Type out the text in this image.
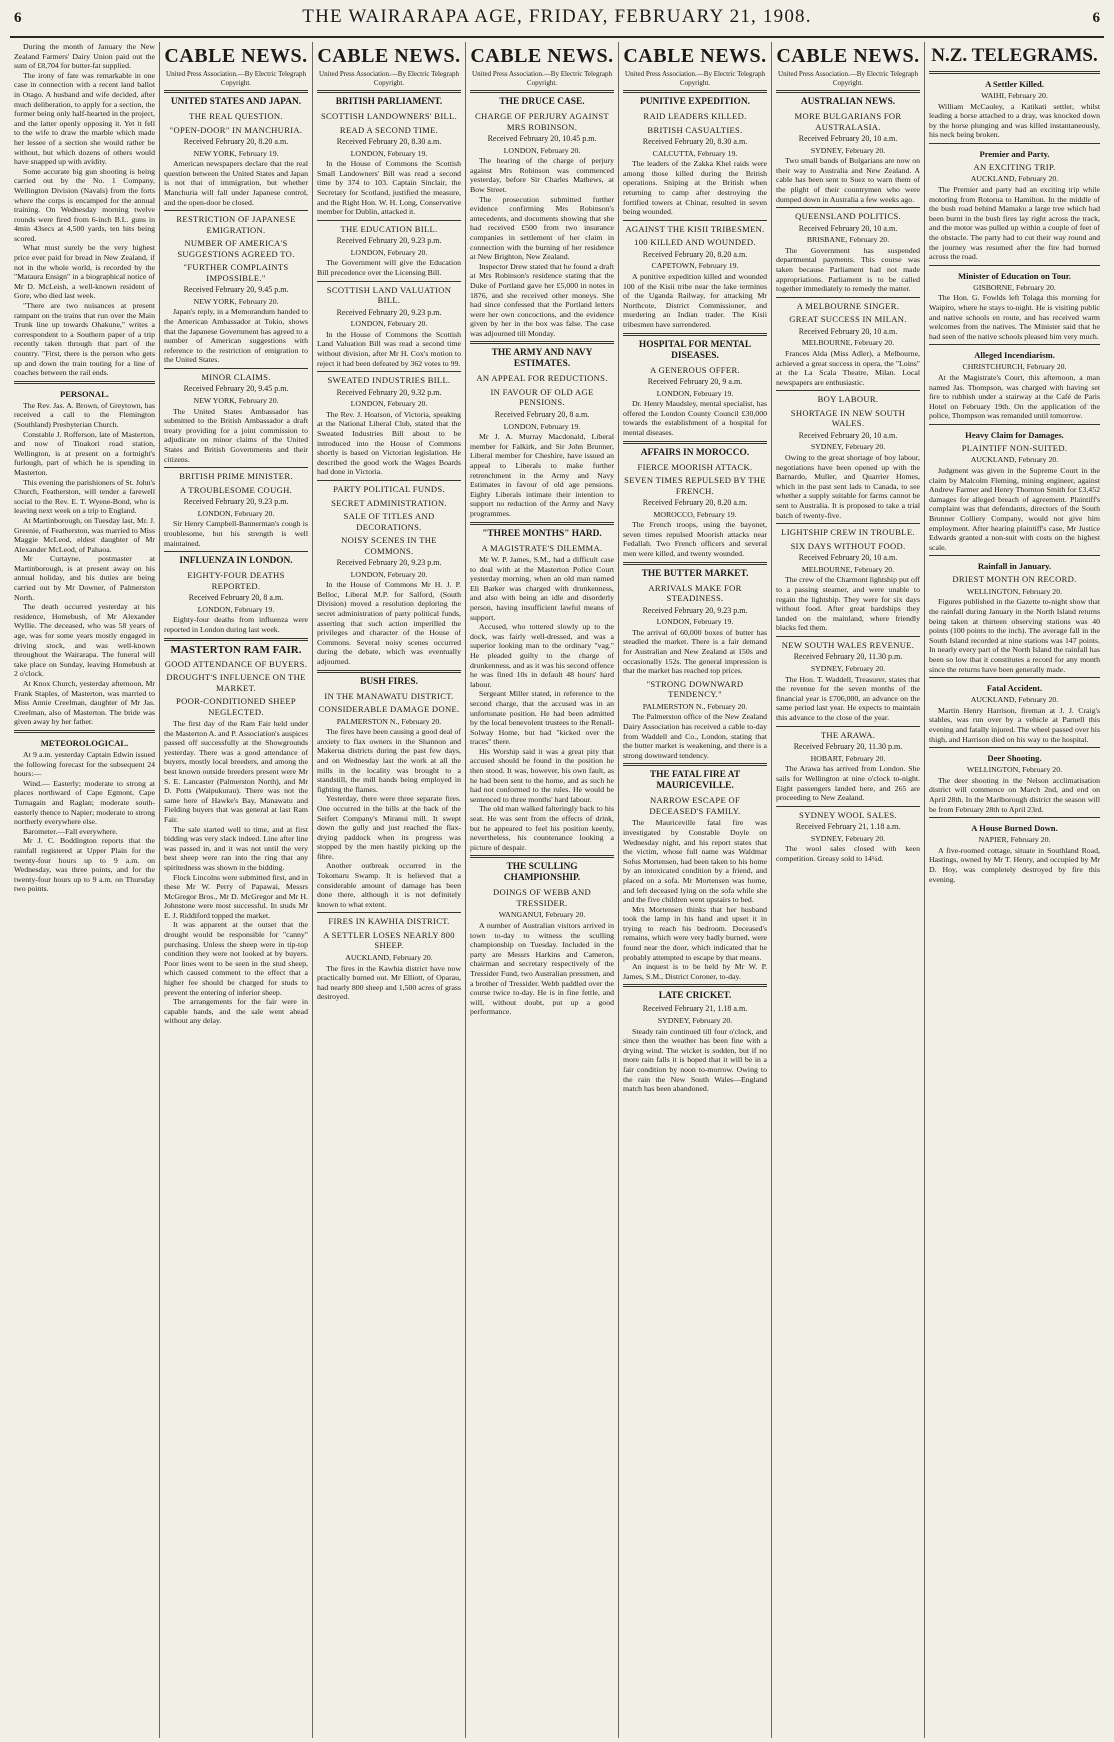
6	THE WAIRARAPA AGE, FRIDAY, FEBRUARY 21, 1908.	6

During the month of January the New Zealand Farmers' Dairy Union paid out the sum of £8,704 for butter-fat supplied.

The irony of fate was remarkable in one case in connection with a recent land ballot in Otago. A husband and wife decided, after much deliberation, to apply for a section, the former being only half-hearted in the project, and the latter openly opposing it. Yet it fell to the wife to draw the marble which made her lessee of a section she would rather be without, but which dozens of others would have snapped up with avidity.

Some accurate big gun shooting is being carried out by the No. 1 Company, Wellington Division (Navals) from the forts where the corps is encamped for the annual training. On Wednesday morning twelve rounds were fired from 6-inch B.L. guns in 4min 43secs at 4,500 yards, ten hits being scored.

What must surely be the very highest price ever paid for bread in New Zealand, if not in the whole world, is recorded by the "Mataura Ensign" in a biographical notice of Mr D. McLeish, a well-known resident of Gore, who died last week.

"There are two nuisances at present rampant on the trains that run over the Main Trunk line up towards Ohakune," writes a correspondent to a Southern paper of a trip recently taken through that part of the country. "First, there is the person who gets up and down the train touting for a line of coaches between the rail ends.

PERSONAL.

The Rev. Jas. A. Brown, of Greytown, has received a call to the Flemington (Southland) Presbyterian Church.

Constable J. Rofferson, late of Masterton, and now of Tinakori road station, Wellington, is at present on a fortnight's furlough, part of which he is spending in Masterton.

This evening the parishioners of St. John's Church, Featherston, will tender a farewell social to the Rev. E. T. Wyene-Bond, who is leaving next week on a trip to England.

At Martinborough, on Tuesday last, Mr. J. Greenie, of Featherston, was married to Miss Maggie McLeod, eldest daughter of Mr Alexander McLeod, of Pahaoa.

Mr Curtayne, postmaster at Martinborough, is at present away on his annual holiday, and his duties are being carried out by Mr Downer, of Palmerston North.

The death occurred yesterday at his residence, Homebush, of Mr Alexander Wyllie. The deceased, who was 58 years of age, was for some years mostly engaged in driving stock, and was well-known throughout the Wairarapa. The funeral will take place on Sunday, leaving Homebush at 2 o'clock.

At Knox Church, yesterday afternoon, Mr Frank Staples, of Masterton, was married to Miss Annie Creelman, daughter of Mr Jas. Creelman, also of Masterton. The bride was given away by her father.

METEOROLOGICAL.

At 9 a.m. yesterday Captain Edwin issued the following forecast for the subsequent 24 hours:—

Wind.— Easterly; moderate to strong at places northward of Cape Egmont, Cape Turnagain and Raglan; moderate south-easterly thence to Napier; moderate to strong northerly everywhere else.

Barometer.—Fall everywhere.

Mr J. C. Boddington reports that the rainfall registered at Upper Plain for the twenty-four hours up to 9 a.m. on Wednesday, was three points, and for the twenty-four hours up to 9 a.m. on Thursday two points.

CABLE NEWS.
United Press Association.—By Electric Telegraph Copyright.
UNITED STATES AND JAPAN.
THE REAL QUESTION.
"OPEN-DOOR" IN MANCHURIA.
Received February 20, 8.20 a.m.
NEW YORK, February 19.

American newspapers declare that the real question between the United States and Japan is not that of immigration, but whether Manchuria will fall under Japanese control, and the open-door be closed.

RESTRICTION OF JAPANESE EMIGRATION.
NUMBER OF AMERICA'S SUGGESTIONS AGREED TO.
"FURTHER COMPLAINTS IMPOSSIBLE."
Received February 20, 9.45 p.m.
NEW YORK, February 20.

Japan's reply, in a Memorandum handed to the American Ambassador at Tokio, shows that the Japanese Government has agreed to a number of American suggestions with reference to the restriction of emigration to the United States.

MINOR CLAIMS.
Received February 20, 9.45 p.m.
NEW YORK, February 20.

The United States Ambassador has submitted to the British Ambassador a draft treaty providing for a joint commission to adjudicate on minor claims of the United States and British Governments and their citizens.

BRITISH PRIME MINISTER.
A TROUBLESOME COUGH.
Received February 20, 9.23 p.m.
LONDON, February 20.

Sir Henry Campbell-Bannerman's cough is troublesome, but his strength is well maintained.

INFLUENZA IN LONDON.
EIGHTY-FOUR DEATHS REPORTED.
Received February 20, 8 a.m.
LONDON, February 19.

Eighty-four deaths from influenza were reported in London during last week.

MASTERTON RAM FAIR.
GOOD ATTENDANCE OF BUYERS.
DROUGHT'S INFLUENCE ON THE MARKET.
POOR-CONDITIONED SHEEP NEGLECTED.

The first day of the Ram Fair held under the Masterton A. and P. Association's auspices passed off successfully at the Showgrounds yesterday. There was a good attendance of buyers, mostly local breeders, and among the best known outside breeders present were Mr S. E. Lancaster (Palmerston North), and Mr D. Potts (Waipukurau). There was not the same here of Hawke's Bay, Manawatu and Fielding buyers that was general at last Ram Fair.

The sale started well to time, and at first bidding was very slack indeed. Line after line was passed in, and it was not until the very best sheep were ran into the ring that any spiritedness was shown in the bidding.

Flock Lincolns were submitted first, and in these Mr W. Perry of Papawai, Messrs McGregor Bros., Mr D. McGregor and Mr H. Johnstone were most successful. In studs Mr E. J. Riddiford topped the market.

It was apparent at the outset that the drought would be responsible for "canny" purchasing. Unless the sheep were in tip-top condition they were not looked at by buyers. Poor lines went to be seen in the stud sheep, which caused comment to the effect that a higher fee should be charged for studs to prevent the entering of inferior sheep.

The arrangements for the fair were in capable hands, and the sale went ahead without any delay.

CABLE NEWS.
United Press Association.—By Electric Telegraph Copyright.
BRITISH PARLIAMENT.
SCOTTISH LANDOWNERS' BILL.
READ A SECOND TIME.
Received February 20, 8.30 a.m.
LONDON, February 19.

In the House of Commons the Scottish Small Landowners' Bill was read a second time by 374 to 103. Captain Sinclair, the Secretary for Scotland, justified the measure, and the Right Hon. W. H. Long, Conservative member for Dublin, attacked it.

THE EDUCATION BILL.
Received February 20, 9.23 p.m.
LONDON, February 20.

The Government will give the Education Bill precedence over the Licensing Bill.

SCOTTISH LAND VALUATION BILL.
Received February 20, 9.23 p.m.
LONDON, February 20.

In the House of Commons the Scottish Land Valuation Bill was read a second time without division, after Mr H. Cox's motion to reject it had been defeated by 362 votes to 99.

SWEATED INDUSTRIES BILL.
Received February 20, 9.32 p.m.
LONDON, February 20.

The Rev. J. Hoatson, of Victoria, speaking at the National Liberal Club, stated that the Sweated Industries Bill about to be introduced into the House of Commons shortly is based on Victorian legislation. He described the good work the Wages Boards had done in Victoria.

PARTY POLITICAL FUNDS.
SECRET ADMINISTRATION.
SALE OF TITLES AND DECORATIONS.
NOISY SCENES IN THE COMMONS.
Received February 20, 9.23 p.m.
LONDON, February 20.

In the House of Commons Mr H. J. P. Belloc, Liberal M.P. for Salford, (South Division) moved a resolution deploring the secret administration of party political funds, asserting that such action imperilled the privileges and character of the House of Commons. Several noisy scenes occurred during the debate, which was eventually adjourned.

BUSH FIRES.
IN THE MANAWATU DISTRICT.
CONSIDERABLE DAMAGE DONE.
PALMERSTON N., February 20.

The fires have been causing a good deal of anxiety to flax owners in the Shannon and Makerua districts during the past few days, and on Wednesday last the work at all the mills in the locality was brought to a standstill, the mill hands being employed in fighting the flames.

Yesterday, there were three separate fires. One occurred in the hills at the back of the Seifert Company's Miranui mill. It swept down the gully and just reached the flax-drying paddock when its progress was stopped by the men hastily picking up the fibre.

Another outbreak occurred in the Tokomaru Swamp. It is believed that a considerable amount of damage has been done there, although it is not definitely known to what extent.

FIRES IN KAWHIA DISTRICT.
A SETTLER LOSES NEARLY 800 SHEEP.
AUCKLAND, February 20.

The fires in the Kawhia district have now practically burned out. Mr Elliott, of Oparau, had nearly 800 sheep and 1,500 acres of grass destroyed.

CABLE NEWS.
United Press Association.—By Electric Telegraph Copyright.
THE DRUCE CASE.
CHARGE OF PERJURY AGAINST MRS ROBINSON.
Received February 20, 10.45 p.m.
LONDON, February 20.

The hearing of the charge of perjury against Mrs Robinson was commenced yesterday, before Sir Charles Mathews, at Bow Street.

The prosecution submitted further evidence confirming Mrs Robinson's antecedents, and documents showing that she had received £500 from two insurance companies in settlement of her claim in connection with the burning of her residence at New Brighton, New Zealand.

Inspector Drew stated that he found a draft at Mrs Robinson's residence stating that the Duke of Portland gave her £5,000 in notes in 1876, and she received other moneys. She had since confessed that the Portland letters were her own concoctions, and the evidence given by her in the box was false. The case was adjourned till Monday.

THE ARMY AND NAVY ESTIMATES.
AN APPEAL FOR REDUCTIONS.
IN FAVOUR OF OLD AGE PENSIONS.
Received February 20, 8 a.m.
LONDON, February 19.

Mr J. A. Murray Macdonald, Liberal member for Falkirk, and Sir John Brunner, Liberal member for Cheshire, have issued an appeal to Liberals to make further retrenchment in the Army and Navy Estimates in favour of old age pensions. Eighty Liberals intimate their intention to support no reduction of the Army and Navy programmes.

"THREE MONTHS" HARD.
A MAGISTRATE'S DILEMMA.

Mr W. P. James, S.M., had a difficult case to deal with at the Masterton Police Court yesterday morning, when an old man named Eli Barker was charged with drunkenness, and also with being an idle and disorderly person, having insufficient lawful means of support.

Accused, who tottered slowly up to the dock, was fairly well-dressed, and was a superior looking man to the ordinary "vag." He pleaded guilty to the charge of drunkenness, and as it was his second offence he was fined 10s in default 48 hours' hard labour.

Sergeant Miller stated, in reference to the second charge, that the accused was in an unfortunate position. He had been admitted by the local benevolent trustees to the Renall-Solway Home, but had "kicked over the traces" there.

His Worship said it was a great pity that accused should be found in the position he then stood. It was, however, his own fault, as he had been sent to the home, and as such he had not conformed to the rules. He would be sentenced to three months' hard labour.

The old man walked falteringly back to his seat. He was sent from the effects of drink, but he appeared to feel his position keenly, nevertheless, his countenance looking a picture of despair.

THE SCULLING CHAMPIONSHIP.
DOINGS OF WEBB AND TRESSIDER.
WANGANUI, February 20.

A number of Australian visitors arrived in town to-day to witness the sculling championship on Tuesday. Included in the party are Messrs Harkins and Cameron, chairman and secretary respectively of the Tressider Fund, two Australian pressmen, and a brother of Tressider. Webb paddled over the course twice to-day. He is in fine fettle, and will, without doubt, put up a good performance.

CABLE NEWS.
United Press Association.—By Electric Telegraph Copyright.
PUNITIVE EXPEDITION.
RAID LEADERS KILLED.
BRITISH CASUALTIES.
Received February 20, 8.30 a.m.
CALCUTTA, February 19.

The leaders of the Zakka Khel raids were among those killed during the British operations. Sniping at the British when returning to camp after destroying the fortified towers at Chinar, resulted in seven being wounded.

AGAINST THE KISII TRIBESMEN.
100 KILLED AND WOUNDED.
Received February 20, 8.20 a.m.
CAPETOWN, February 19.

A punitive expedition killed and wounded 100 of the Kisii tribe near the lake terminus of the Uganda Railway, for attacking Mr Northcote, District Commissioner, and murdering an Indian trader. The Kisii tribesmen have surrendered.

HOSPITAL FOR MENTAL DISEASES.
A GENEROUS OFFER.
Received February 20, 9 a.m.
LONDON, February 19.

Dr. Henry Maudsley, mental specialist, has offered the London County Council £30,000 towards the establishment of a hospital for mental diseases.

AFFAIRS IN MOROCCO.
FIERCE MOORISH ATTACK.
SEVEN TIMES REPULSED BY THE FRENCH.
Received February 20, 8.20 a.m.
MOROCCO, February 19.

The French troops, using the bayonet, seven times repulsed Moorish attacks near Fedallah. Two French officers and several men were killed, and twenty wounded.

THE BUTTER MARKET.
ARRIVALS MAKE FOR STEADINESS.
Received February 20, 9.23 p.m.
LONDON, February 19.

The arrival of 60,000 boxes of butter has steadied the market. There is a fair demand for Australian and New Zealand at 150s and occasionally 152s. The general impression is that the market has reached top prices.

"STRONG DOWNWARD TENDENCY."
PALMERSTON N., February 20.

The Palmerston office of the New Zealand Dairy Association has received a cable to-day from Waddell and Co., London, stating that the butter market is weakening, and there is a strong downward tendency.

THE FATAL FIRE AT MAURICEVILLE.
NARROW ESCAPE OF DECEASED'S FAMILY.

The Mauriceville fatal fire was investigated by Constable Doyle on Wednesday night, and his report states that the victim, whose full name was Waldmar Sofus Mortensen, had been taken to his home by an intoxicated condition by a friend, and placed on a sofa. Mr Mortensen was home, and left deceased lying on the sofa while she and the five children went upstairs to bed.

Mrs Mortensen thinks that her husband took the lamp in his hand and upset it in trying to reach his bedroom. Deceased's remains, which were very badly burned, were found near the door, which indicated that he probably attempted to escape by that means.

An inquest is to be held by Mr W. P. James, S.M., District Coroner, to-day.

LATE CRICKET.
Received February 21, 1.18 a.m.
SYDNEY, February 20.

Steady rain continued till four o'clock, and since then the weather has been fine with a drying wind. The wicket is sodden, but if no more rain falls it is hoped that it will be in a fair condition by noon to-morrow. Owing to the rain the New South Wales—England match has been abandoned.

CABLE NEWS.
United Press Association.—By Electric Telegraph Copyright.
AUSTRALIAN NEWS.
MORE BULGARIANS FOR AUSTRALASIA.
Received February 20, 10 a.m.
SYDNEY, February 20.

Two small bands of Bulgarians are now on their way to Australia and New Zealand. A cable has been sent to Suez to warn them of the plight of their countrymen who were dumped down in Australia a few weeks ago.

QUEENSLAND POLITICS.
Received February 20, 10 a.m.
BRISBANE, February 20.

The Government has suspended departmental payments. This course was taken because Parliament had not made appropriations. Parliament is to be called together immediately to remedy the matter.

A MELBOURNE SINGER.
GREAT SUCCESS IN MILAN.
Received February 20, 10 a.m.
MELBOURNE, February 20.

Frances Alda (Miss Adler), a Melbourne, achieved a great success in opera, the "Loins" at the La Scala Theatre, Milan. Local newspapers are enthusiastic.

BOY LABOUR.
SHORTAGE IN NEW SOUTH WALES.
Received February 20, 10 a.m.
SYDNEY, February 20.

Owing to the great shortage of boy labour, negotiations have been opened up with the Barnardo, Muller, and Quarrier Homes, which in the past sent lads to Canada, to see whether a supply suitable for farms cannot be sent to Australia. It is proposed to take a trial batch of twenty-five.

LIGHTSHIP CREW IN TROUBLE.
SIX DAYS WITHOUT FOOD.
Received February 20, 10 a.m.
MELBOURNE, February 20.

The crew of the Charmont lightship put off to a passing steamer, and were unable to regain the lightship. They were for six days without food. After great hardships they landed on the mainland, where friendly blacks fed them.

NEW SOUTH WALES REVENUE.
Received February 20, 11.30 p.m.
SYDNEY, February 20.

The Hon. T. Waddell, Treasurer, states that the revenue for the seven months of the financial year is £706,000, an advance on the same period last year. He expects to maintain this advance to the close of the year.

THE ARAWA.
Received February 20, 11.30 p.m.
HOBART, February 20.

The Arawa has arrived from London. She sails for Wellington at nine o'clock to-night. Eight passengers landed here, and 265 are proceeding to New Zealand.

SYDNEY WOOL SALES.
Received February 21, 1.18 a.m.
SYDNEY, February 20.

The wool sales closed with keen competition. Greasy sold to 14¼d.

N.Z. TELEGRAMS.
A Settler Killed.
WAIHI, February 20.

William McCauley, a Katikati settler, whilst leading a horse attached to a dray, was knocked down by the horse plunging and was killed instantaneously, his neck being broken.

Premier and Party.
AN EXCITING TRIP.
AUCKLAND, February 20.

The Premier and party had an exciting trip while motoring from Rotorua to Hamilton. In the middle of the bush road behind Mamaku a large tree which had been burnt in the bush fires lay right across the track, and the motor was pulled up within a couple of feet of the obstacle. The party had to cut their way round and the journey was resumed after the fire had burned across the road.

Minister of Education on Tour.
GISBORNE, February 20.

The Hon. G. Fowlds left Tolaga this morning for Waipiro, where he stays to-night. He is visiting public and native schools en route, and has received warm welcomes from the natives. The Minister said that he had seen of the native schools pleased him very much.

Alleged Incendiarism.
CHRISTCHURCH, February 20.

At the Magistrate's Court, this afternoon, a man named Jas. Thompson, was charged with having set fire to rubbish under a stairway at the Café de Paris Hotel on February 19th. On the application of the police, Thompson was remanded until tomorrow.

Heavy Claim for Damages.
PLAINTIFF NON-SUITED.
AUCKLAND, February 20.

Judgment was given in the Supreme Court in the claim by Malcolm Fleming, mining engineer, against Andrew Farmer and Henry Thornton Smith for £3,452 damages for alleged breach of agreement. Plaintiff's complaint was that defendants, directors of the South Brunner Colliery Company, would not give him employment. After hearing plaintiff's case, Mr Justice Edwards granted a non-suit with costs on the highest scale.

Rainfall in January.
DRIEST MONTH ON RECORD.
WELLINGTON, February 20.

Figures published in the Gazette to-night show that the rainfall during January in the North Island returns being taken at thirteen observing stations was 40 points (100 points to the inch). The average fall in the South Island recorded at nine stations was 147 points. In nearly every part of the North Island the rainfall has been so low that it constitutes a record for any month since the returns have been generally made.

Fatal Accident.
AUCKLAND, February 20.

Martin Henry Harrison, fireman at J. J. Craig's stables, was run over by a vehicle at Parnell this evening and fatally injured. The wheel passed over his thigh, and Harrison died on his way to the hospital.

Deer Shooting.
WELLINGTON, February 20.

The deer shooting in the Nelson acclimatisation district will commence on March 2nd, and end on April 28th. In the Marlborough district the season will be from February 28th to April 23rd.

A House Burned Down.
NAPIER, February 20.

A five-roomed cottage, situate in Southland Road, Hastings, owned by Mr T. Henry, and occupied by Mr D. Hoy, was completely destroyed by fire this evening.
